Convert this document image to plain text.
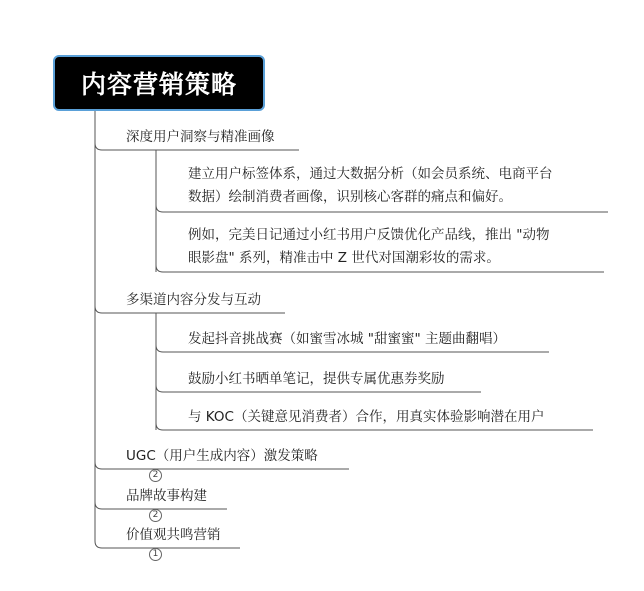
内容营销策略
深度用户洞察与精准画像
建立用户标签体系，通过大数据分析（如会员系统、电商平台
数据）绘制消费者画像，识别核心客群的痛点和偏好。
例如，完美日记通过小红书用户反馈优化产品线，推出 "动物
眼影盘" 系列，精准击中 Z 世代对国潮彩妆的需求。
多渠道内容分发与互动
发起抖音挑战赛（如蜜雪冰城 "甜蜜蜜" 主题曲翻唱）
鼓励小红书晒单笔记，提供专属优惠券奖励
与 KOC（关键意见消费者）合作，用真实体验影响潜在用户
UGC（用户生成内容）激发策略
2
品牌故事构建
2
价值观共鸣营销
1
